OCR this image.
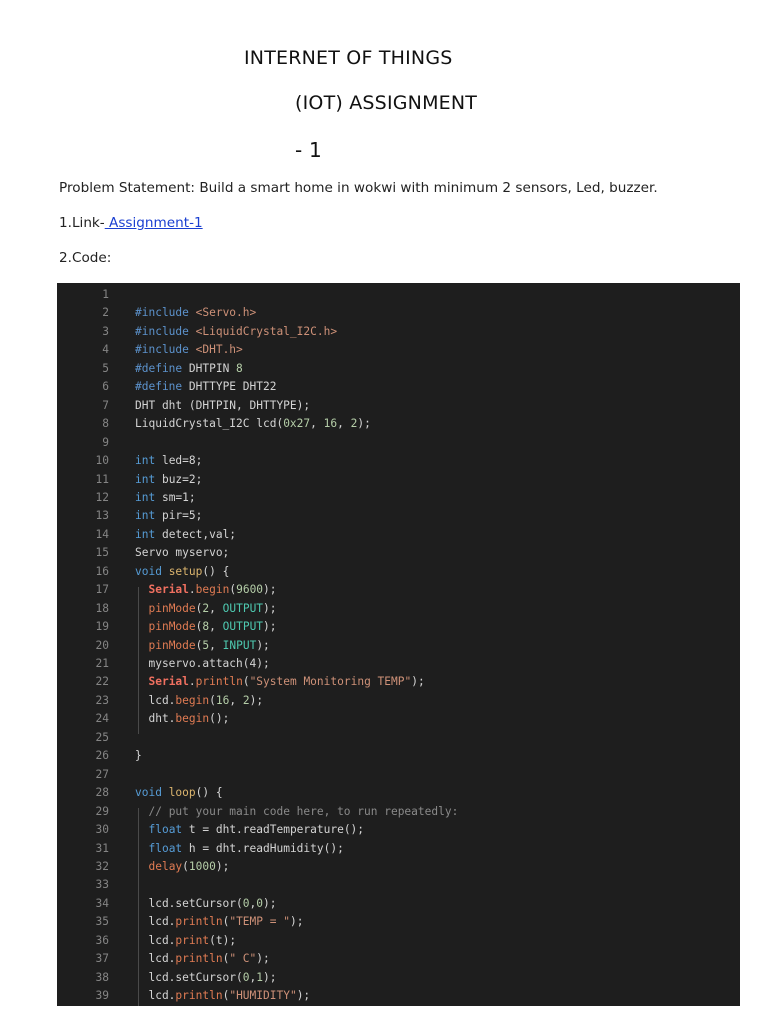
INTERNET OF THINGS
(IOT) ASSIGNMENT
- 1
Problem Statement: Build a smart home in wokwi with minimum 2 sensors, Led, buzzer.
1.Link- Assignment-1
2.Code:
1
2 #include <Servo.h>
3 #include <LiquidCrystal_I2C.h>
4 #include <DHT.h>
5 #define DHTPIN 8
6 #define DHTTYPE DHT22
7 DHT dht (DHTPIN, DHTTYPE);
8 LiquidCrystal_I2C lcd(0x27, 16, 2);
9
10 int led=8;
11 int buz=2;
12 int sm=1;
13 int pir=5;
14 int detect,val;
15 Servo myservo;
16 void setup() {
17	Serial.begin(9600);
18	pinMode(2, OUTPUT);
19	pinMode(8, OUTPUT);
20	pinMode(5, INPUT);
21 myservo.attach(4);
22	Serial.println("System Monitoring TEMP");
23 lcd.begin(16, 2);
24 dht.begin();
25
26 }
27
28 void loop() {
29	// put your main code here, to run repeatedly:
30	float t = dht.readTemperature();
31	float h = dht.readHumidity();
32	delay(1000);
33
34 lcd.setCursor(0,0);
35 lcd.println("TEMP = ");
36 lcd.print(t);
37 lcd.println(" C");
38 lcd.setCursor(0,1);
39 lcd.println("HUMIDITY");
